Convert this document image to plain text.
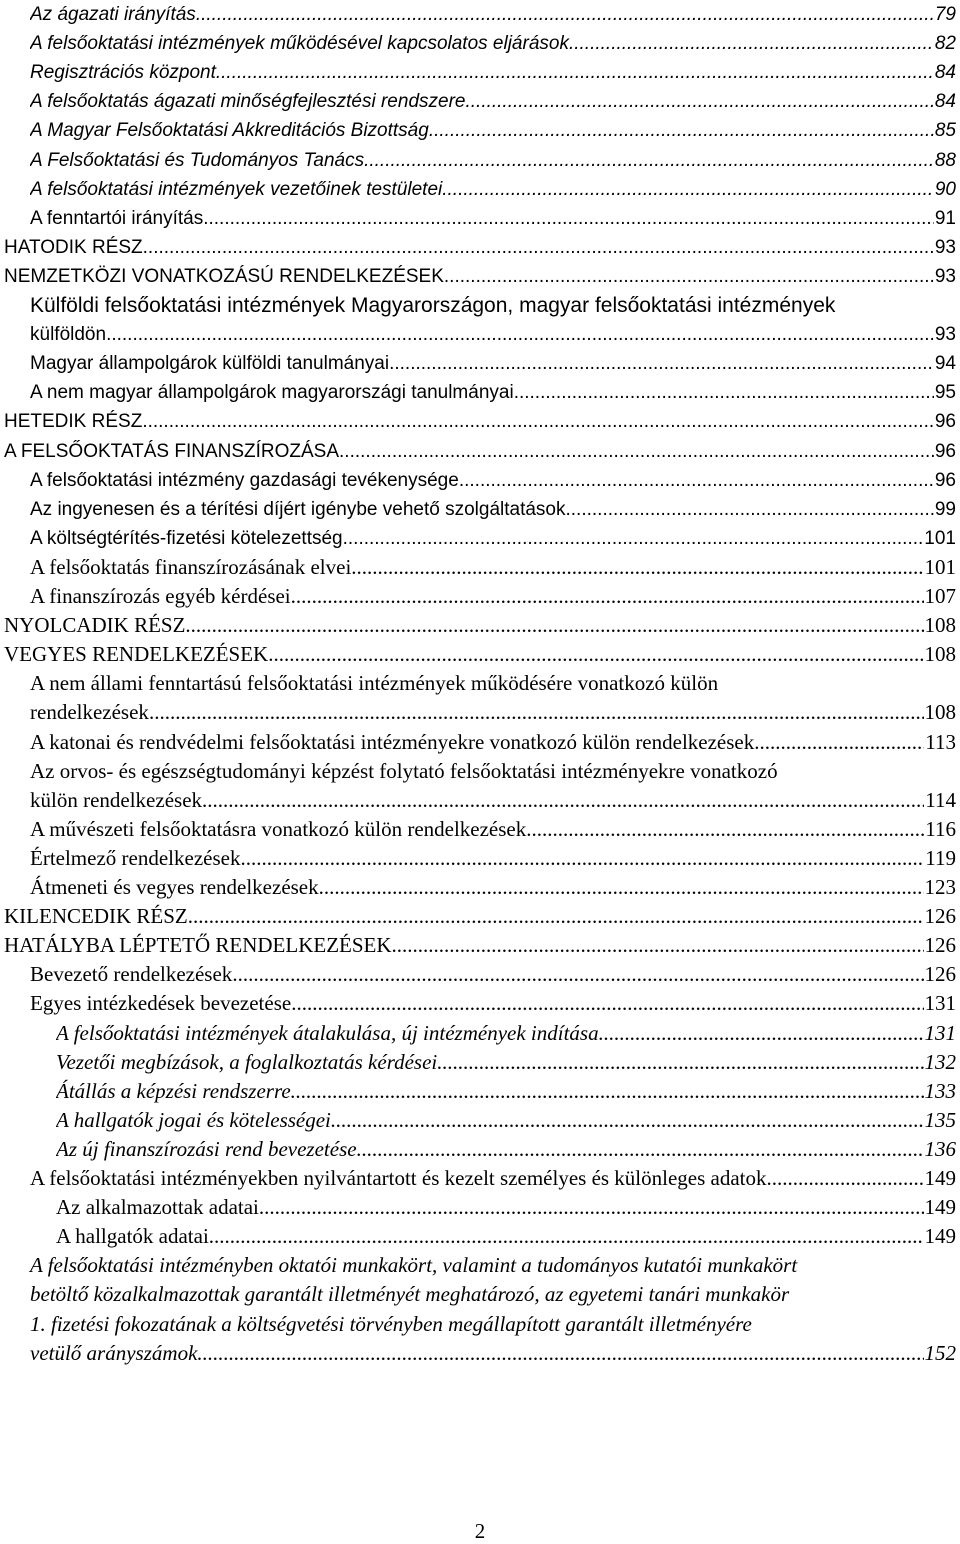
Az ágazati irányítás .....	79
A felsőoktatási intézmények működésével kapcsolatos eljárások .....	82
Regisztrációs központ .....	84
A felsőoktatás ágazati minőségfejlesztési rendszere .....	84
A Magyar Felsőoktatási Akkreditációs Bizottság .....	85
A Felsőoktatási és Tudományos Tanács .....	88
A felsőoktatási intézmények vezetőinek testületei .....	90
A fenntartói irányítás .....	91
HATODIK RÉSZ .....	93
NEMZETKÖZI VONATKOZÁSÚ RENDELKEZÉSEK .....	93
Külföldi felsőoktatási intézmények Magyarországon, magyar felsőoktatási intézmények
külföldön .....	93
Magyar állampolgárok külföldi tanulmányai .....	94
A nem magyar állampolgárok magyarországi tanulmányai .....	95
HETEDIK RÉSZ .....	96
A FELSŐOKTATÁS FINANSZÍROZÁSA .....	96
A felsőoktatási intézmény gazdasági tevékenysége .....	96
Az ingyenesen és a térítési díjért igénybe vehető szolgáltatások .....	99
A költségtérítés-fizetési kötelezettség .....	101
A felsőoktatás finanszírozásának elvei .....	101
A finanszírozás egyéb kérdései .....	107
NYOLCADIK RÉSZ .....	108
VEGYES RENDELKEZÉSEK .....	108
A nem állami fenntartású felsőoktatási intézmények működésére vonatkozó külön
rendelkezések .....	108
A katonai és rendvédelmi felsőoktatási intézményekre vonatkozó külön rendelkezések. .....	113
Az orvos- és egészségtudományi képzést folytató felsőoktatási intézményekre vonatkozó
külön rendelkezések .....	114
A művészeti felsőoktatásra vonatkozó külön rendelkezések .....	116
Értelmező rendelkezések .....	119
Átmeneti és vegyes rendelkezések .....	123
KILENCEDIK RÉSZ .....	126
HATÁLYBA LÉPTETŐ RENDELKEZÉSEK .....	126
Bevezető rendelkezések .....	126
Egyes intézkedések bevezetése .....	131
A felsőoktatási intézmények átalakulása, új intézmények indítása .....	131
Vezetői megbízások, a foglalkoztatás kérdései .....	132
Átállás a képzési rendszerre .....	133
A hallgatók jogai és kötelességei .....	135
Az új finanszírozási rend bevezetése .....	136
A felsőoktatási intézményekben nyilvántartott és kezelt személyes és különleges adatok .....	149
Az alkalmazottak adatai .....	149
A hallgatók adatai .....	149
A felsőoktatási intézményben oktatói munkakört, valamint a tudományos kutatói munkakört
betöltő közalkalmazottak garantált illetményét meghatározó, az egyetemi tanári munkakör
1. fizetési fokozatának a költségvetési törvényben megállapított garantált illetményére
vetülő arányszámok .....	152
2
